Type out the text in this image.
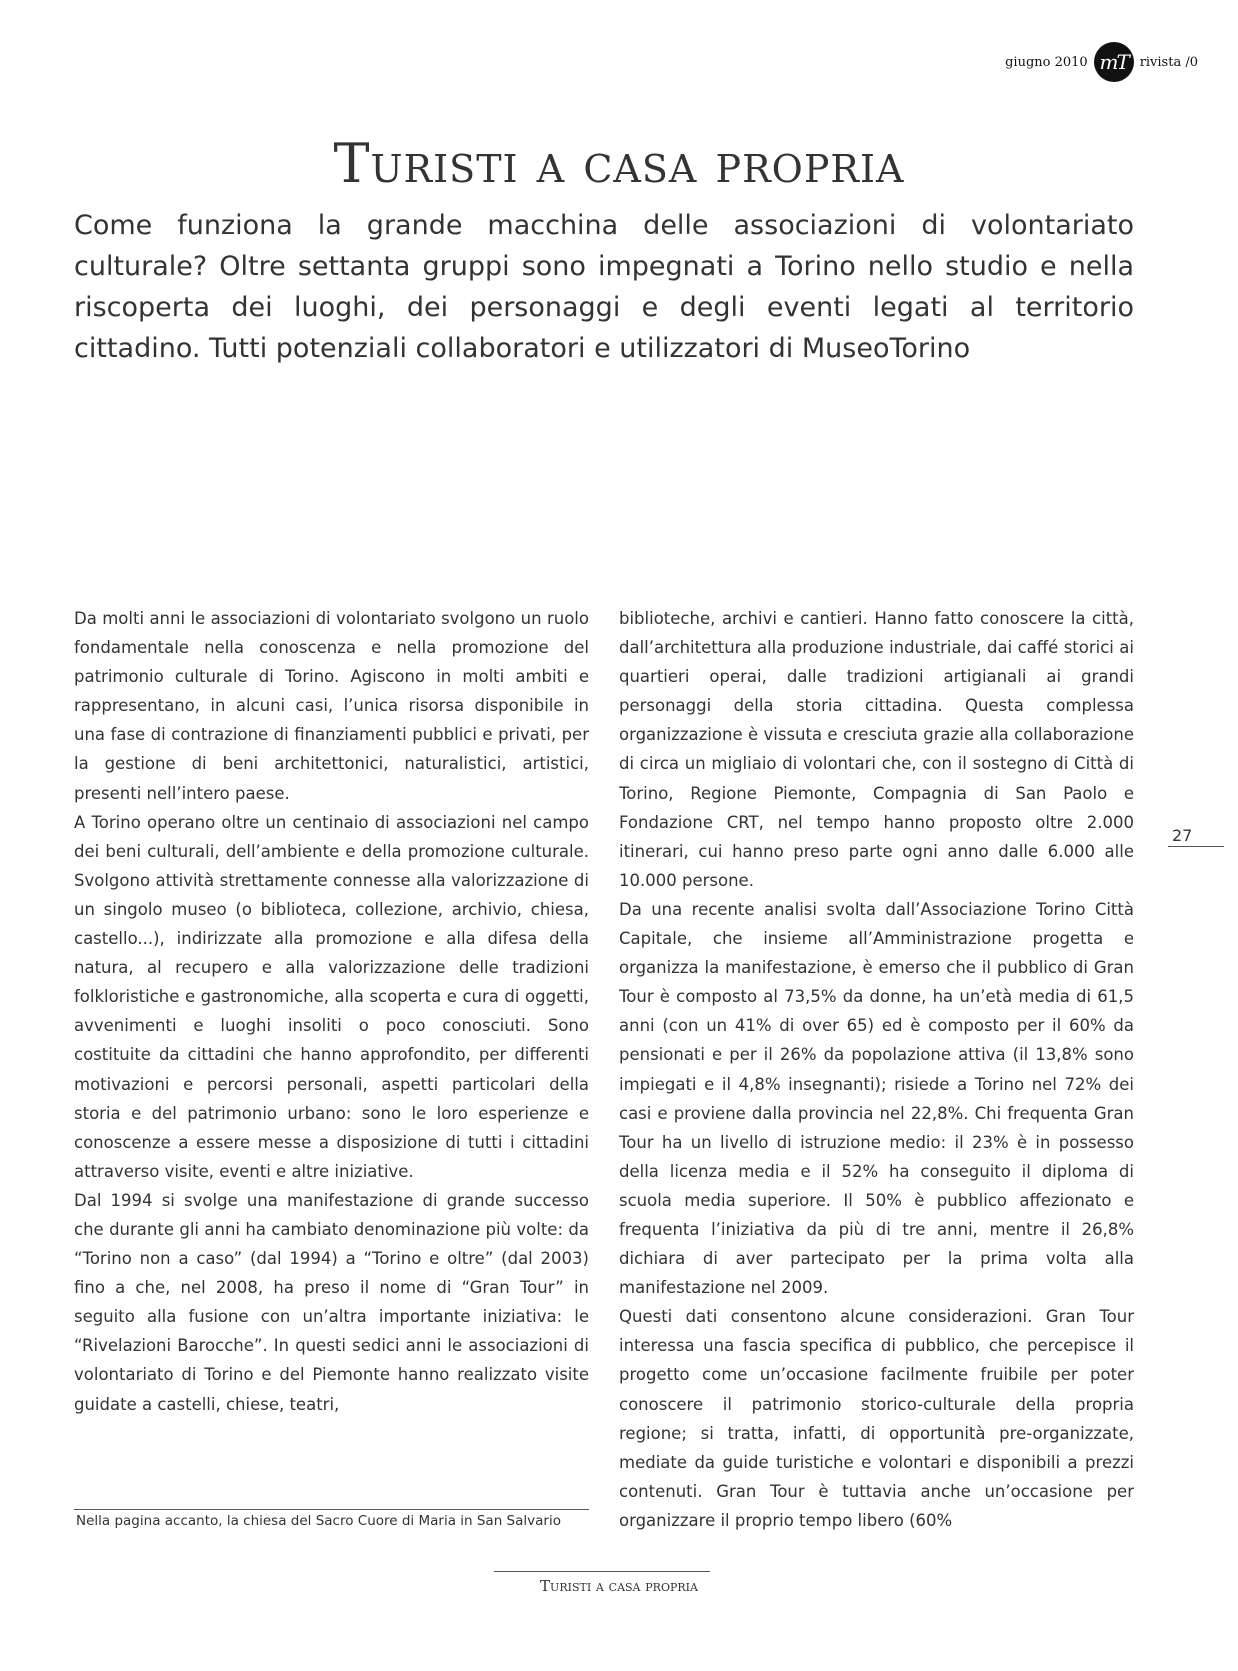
giugno 2010 mT rivista /0
Turisti a casa propria

Come funziona la grande macchina delle associazioni di volontariato culturale? Oltre settanta gruppi sono impegnati a Torino nello studio e nella riscoperta dei luoghi, dei personaggi e degli eventi legati al territorio cittadino. Tutti potenziali collaboratori e utilizzatori di MuseoTorino

Da molti anni le associazioni di volontariato svolgono un ruolo fondamentale nella conoscenza e nella promozione del patrimonio culturale di Torino. Agiscono in molti ambiti e rappresentano, in alcuni casi, l’unica risorsa disponibile in una fase di contrazione di finanziamenti pubblici e privati, per la gestione di beni architettonici, naturalistici, artistici, presenti nell’intero paese.

A Torino operano oltre un centinaio di associazioni nel campo dei beni culturali, dell’ambiente e della promozione culturale. Svolgono attività strettamente connesse alla valorizzazione di un singolo museo (o biblioteca, collezione, archivio, chiesa, castello...), indirizzate alla promozione e alla difesa della natura, al recupero e alla valorizzazione delle tradizioni folkloristiche e gastronomiche, alla scoperta e cura di oggetti, avvenimenti e luoghi insoliti o poco conosciuti. Sono costituite da cittadini che hanno approfondito, per differenti motivazioni e percorsi personali, aspetti particolari della storia e del patrimonio urbano: sono le loro esperienze e conoscenze a essere messe a disposizione di tutti i cittadini attraverso visite, eventi e altre iniziative.

Dal 1994 si svolge una manifestazione di grande successo che durante gli anni ha cambiato denominazione più volte: da “Torino non a caso” (dal 1994) a “Torino e oltre” (dal 2003) fino a che, nel 2008, ha preso il nome di “Gran Tour” in seguito alla fusione con un’altra importante iniziativa: le “Rivelazioni Barocche”. In questi sedici anni le associazioni di volontariato di Torino e del Piemonte hanno realizzato visite guidate a castelli, chiese, teatri,

biblioteche, archivi e cantieri. Hanno fatto conoscere la città, dall’architettura alla produzione industriale, dai caffé storici ai quartieri operai, dalle tradizioni artigianali ai grandi personaggi della storia cittadina. Questa complessa organizzazione è vissuta e cresciuta grazie alla collaborazione di circa un migliaio di volontari che, con il sostegno di Città di Torino, Regione Piemonte, Compagnia di San Paolo e Fondazione CRT, nel tempo hanno proposto oltre 2.000 itinerari, cui hanno preso parte ogni anno dalle 6.000 alle 10.000 persone.

Da una recente analisi svolta dall’Associazione Torino Città Capitale, che insieme all’Amministrazione progetta e organizza la manifestazione, è emerso che il pubblico di Gran Tour è composto al 73,5% da donne, ha un’età media di 61,5 anni (con un 41% di over 65) ed è composto per il 60% da pensionati e per il 26% da popolazione attiva (il 13,8% sono impiegati e il 4,8% insegnanti); risiede a Torino nel 72% dei casi e proviene dalla provincia nel 22,8%. Chi frequenta Gran Tour ha un livello di istruzione medio: il 23% è in possesso della licenza media e il 52% ha conseguito il diploma di scuola media superiore. Il 50% è pubblico affezionato e frequenta l’iniziativa da più di tre anni, mentre il 26,8% dichiara di aver partecipato per la prima volta alla manifestazione nel 2009.

Questi dati consentono alcune considerazioni. Gran Tour interessa una fascia specifica di pubblico, che percepisce il progetto come un’occasione facilmente fruibile per poter conoscere il patrimonio storico-culturale della propria regione; si tratta, infatti, di opportunità pre-organizzate, mediate da guide turistiche e volontari e disponibili a prezzi contenuti. Gran Tour è tuttavia anche un’occasione per organizzare il proprio tempo libero (60%

Nella pagina accanto, la chiesa del Sacro Cuore di Maria in San Salvario
27
Turisti a casa propria
